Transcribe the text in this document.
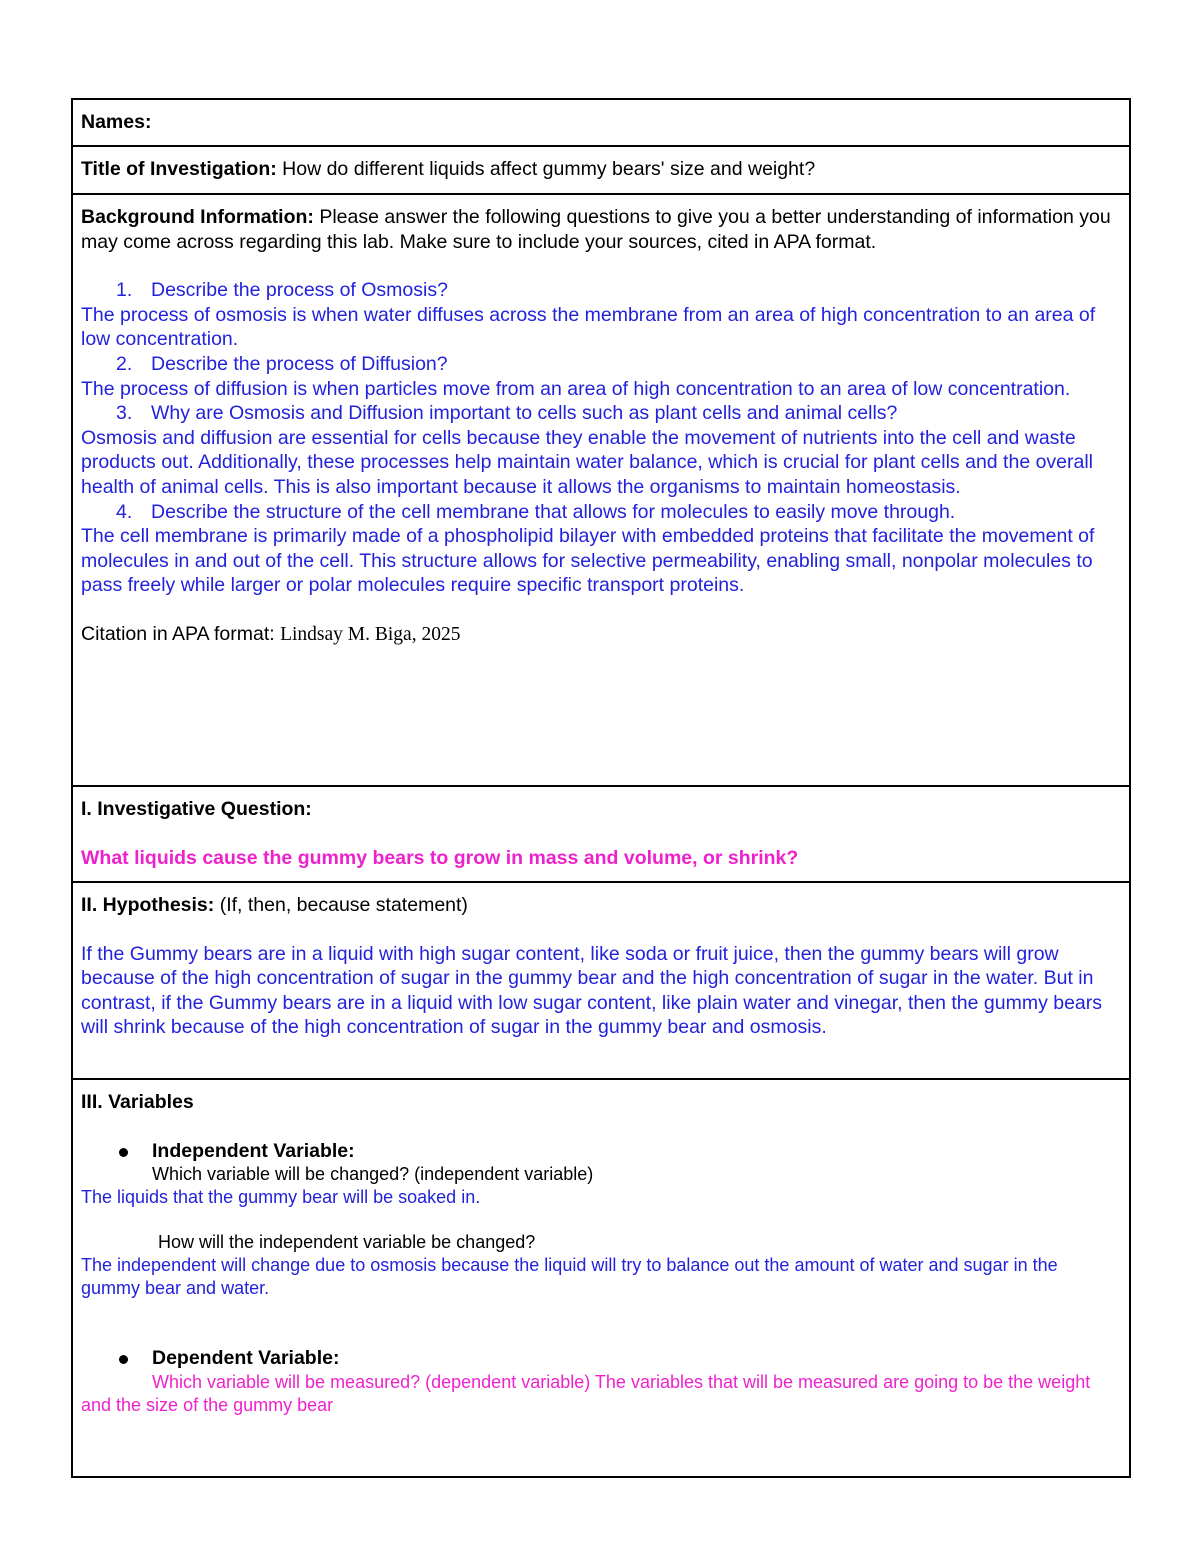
Names:
Title of Investigation: How do different liquids affect gummy bears' size and weight?
Background Information: Please answer the following questions to give you a better understanding of information you may come across regarding this lab. Make sure to include your sources, cited in APA format.
1. Describe the process of Osmosis?
The process of osmosis is when water diffuses across the membrane from an area of high concentration to an area of low concentration.
2. Describe the process of Diffusion?
The process of diffusion is when particles move from an area of high concentration to an area of low concentration.
3. Why are Osmosis and Diffusion important to cells such as plant cells and animal cells?
Osmosis and diffusion are essential for cells because they enable the movement of nutrients into the cell and waste products out. Additionally, these processes help maintain water balance, which is crucial for plant cells and the overall health of animal cells. This is also important because it allows the organisms to maintain homeostasis.
4. Describe the structure of the cell membrane that allows for molecules to easily move through.
The cell membrane is primarily made of a phospholipid bilayer with embedded proteins that facilitate the movement of molecules in and out of the cell. This structure allows for selective permeability, enabling small, nonpolar molecules to pass freely while larger or polar molecules require specific transport proteins.
Citation in APA format: Lindsay M. Biga, 2025
I. Investigative Question:
What liquids cause the gummy bears to grow in mass and volume, or shrink?
II. Hypothesis: (If, then, because statement)
If the Gummy bears are in a liquid with high sugar content, like soda or fruit juice, then the gummy bears will grow because of the high concentration of sugar in the gummy bear and the high concentration of sugar in the water. But in contrast, if the Gummy bears are in a liquid with low sugar content, like plain water and vinegar, then the gummy bears will shrink because of the high concentration of sugar in the gummy bear and osmosis.
III. Variables
Independent Variable:
Which variable will be changed? (independent variable)
The liquids that the gummy bear will be soaked in.
How will the independent variable be changed?
The independent will change due to osmosis because the liquid will try to balance out the amount of water and sugar in the gummy bear and water.
Dependent Variable:
Which variable will be measured? (dependent variable) The variables that will be measured are going to be the weight and the size of the gummy bear
